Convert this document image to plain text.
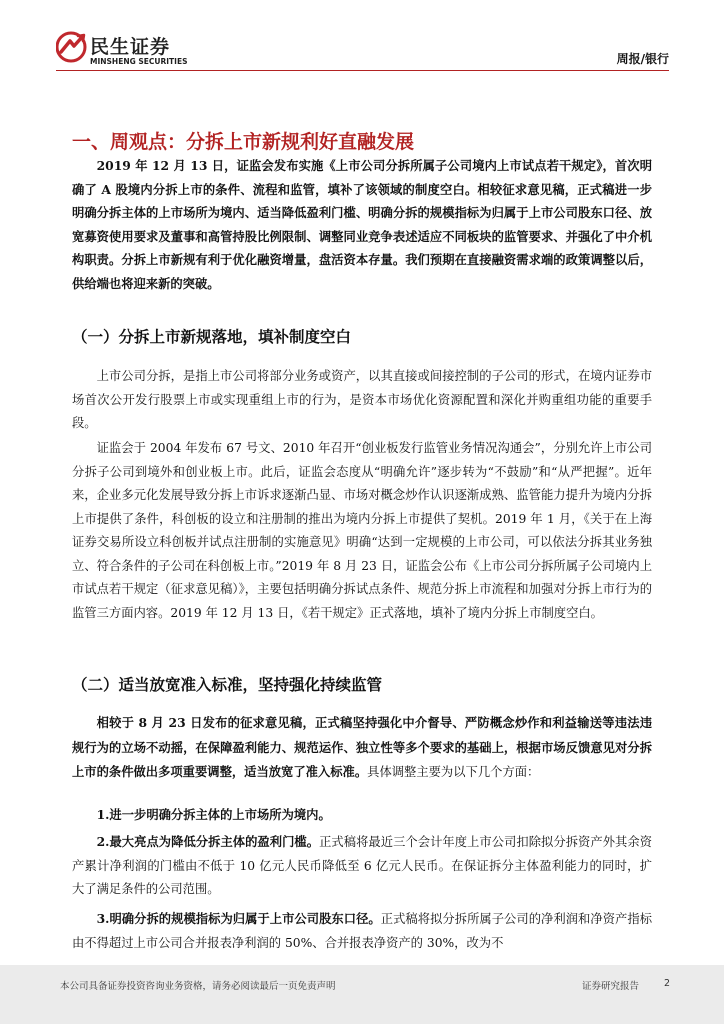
民生证券
MINSHENG SECURITIES	周报/银行
一、周观点：分拆上市新规利好直融发展

2019 年 12 月 13 日，证监会发布实施《上市公司分拆所属子公司境内上市试点若干规定》，首次明确了 A 股境内分拆上市的条件、流程和监管，填补了该领域的制度空白。相较征求意见稿，正式稿进一步明确分拆主体的上市场所为境内、适当降低盈利门槛、明确分拆的规模指标为归属于上市公司股东口径、放宽募资使用要求及董事和高管持股比例限制、调整同业竞争表述适应不同板块的监管要求、并强化了中介机构职责。分拆上市新规有利于优化融资增量，盘活资本存量。我们预期在直接融资需求端的政策调整以后，供给端也将迎来新的突破。

（一）分拆上市新规落地，填补制度空白

上市公司分拆，是指上市公司将部分业务或资产，以其直接或间接控制的子公司的形式，在境内证券市场首次公开发行股票上市或实现重组上市的行为，是资本市场优化资源配置和深化并购重组功能的重要手段。

证监会于 2004 年发布 67 号文、2010 年召开“创业板发行监管业务情况沟通会”，分别允许上市公司分拆子公司到境外和创业板上市。此后，证监会态度从“明确允许”逐步转为“不鼓励”和“从严把握”。近年来，企业多元化发展导致分拆上市诉求逐渐凸显、市场对概念炒作认识逐渐成熟、监管能力提升为境内分拆上市提供了条件，科创板的设立和注册制的推出为境内分拆上市提供了契机。2019 年 1 月，《关于在上海证券交易所设立科创板并试点注册制的实施意见》明确“达到一定规模的上市公司，可以依法分拆其业务独立、符合条件的子公司在科创板上市。”2019 年 8 月 23 日，证监会公布《上市公司分拆所属子公司境内上市试点若干规定（征求意见稿）》，主要包括明确分拆试点条件、规范分拆上市流程和加强对分拆上市行为的监管三方面内容。2019 年 12 月 13 日，《若干规定》正式落地，填补了境内分拆上市制度空白。

（二）适当放宽准入标准，坚持强化持续监管

相较于 8 月 23 日发布的征求意见稿，正式稿坚持强化中介督导、严防概念炒作和利益输送等违法违规行为的立场不动摇，在保障盈利能力、规范运作、独立性等多个要求的基础上，根据市场反馈意见对分拆上市的条件做出多项重要调整，适当放宽了准入标准。具体调整主要为以下几个方面：

1.进一步明确分拆主体的上市场所为境内。

2.最大亮点为降低分拆主体的盈利门槛。正式稿将最近三个会计年度上市公司扣除拟分拆资产外其余资产累计净利润的门槛由不低于 10 亿元人民币降低至 6 亿元人民币。在保证拆分主体盈利能力的同时，扩大了满足条件的公司范围。

3.明确分拆的规模指标为归属于上市公司股东口径。正式稿将拟分拆所属子公司的净利润和净资产指标由不得超过上市公司合并报表净利润的 50%、合并报表净资产的 30%，改为不

本公司具备证券投资咨询业务资格，请务必阅读最后一页免责声明	证券研究报告	2
